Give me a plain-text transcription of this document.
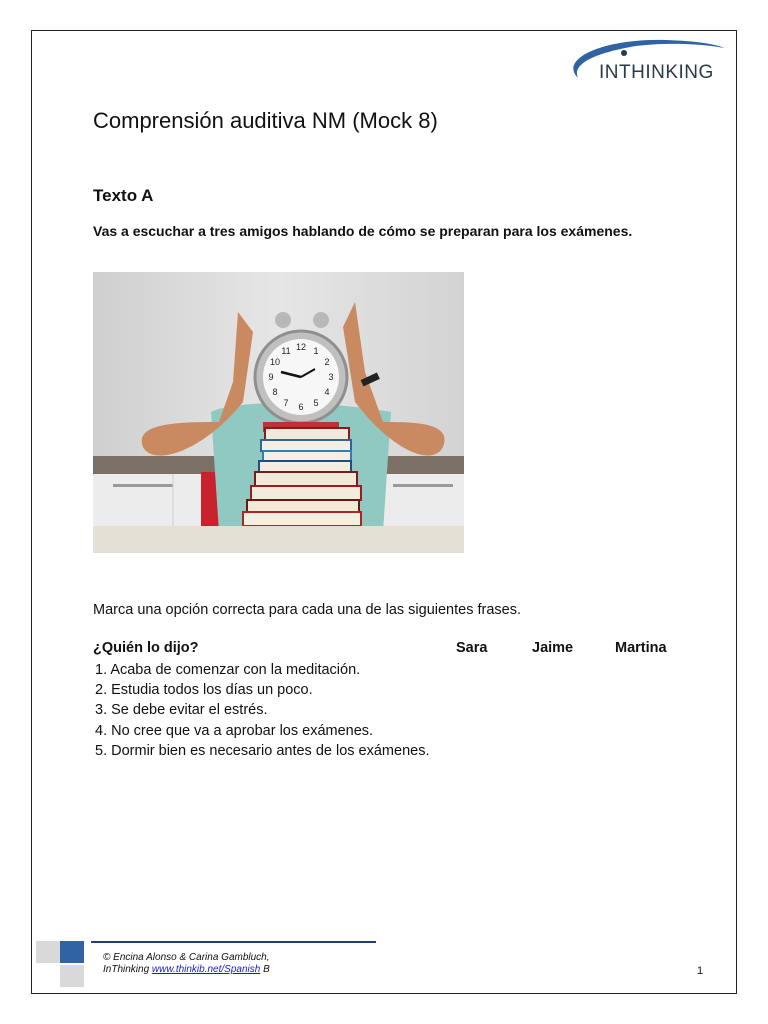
INTHINKING
Comprensión auditiva NM (Mock 8)
Texto A
Vas a escuchar a tres amigos hablando de cómo se preparan para los exámenes.
12 1
2
3
4
5
6
7
8
9
10
11
Marca una opción correcta para cada una de las siguientes frases.
¿Quién lo dijo?	Sara	Jaime	Martina
1. Acaba de comenzar con la meditación.
2. Estudia todos los días un poco.
3. Se debe evitar el estrés.
4. No cree que va a aprobar los exámenes.
5. Dormir bien es necesario antes de los exámenes.
© Encina Alonso & Carina Gambluch,
InThinking www.thinkib.net/Spanish B	1
